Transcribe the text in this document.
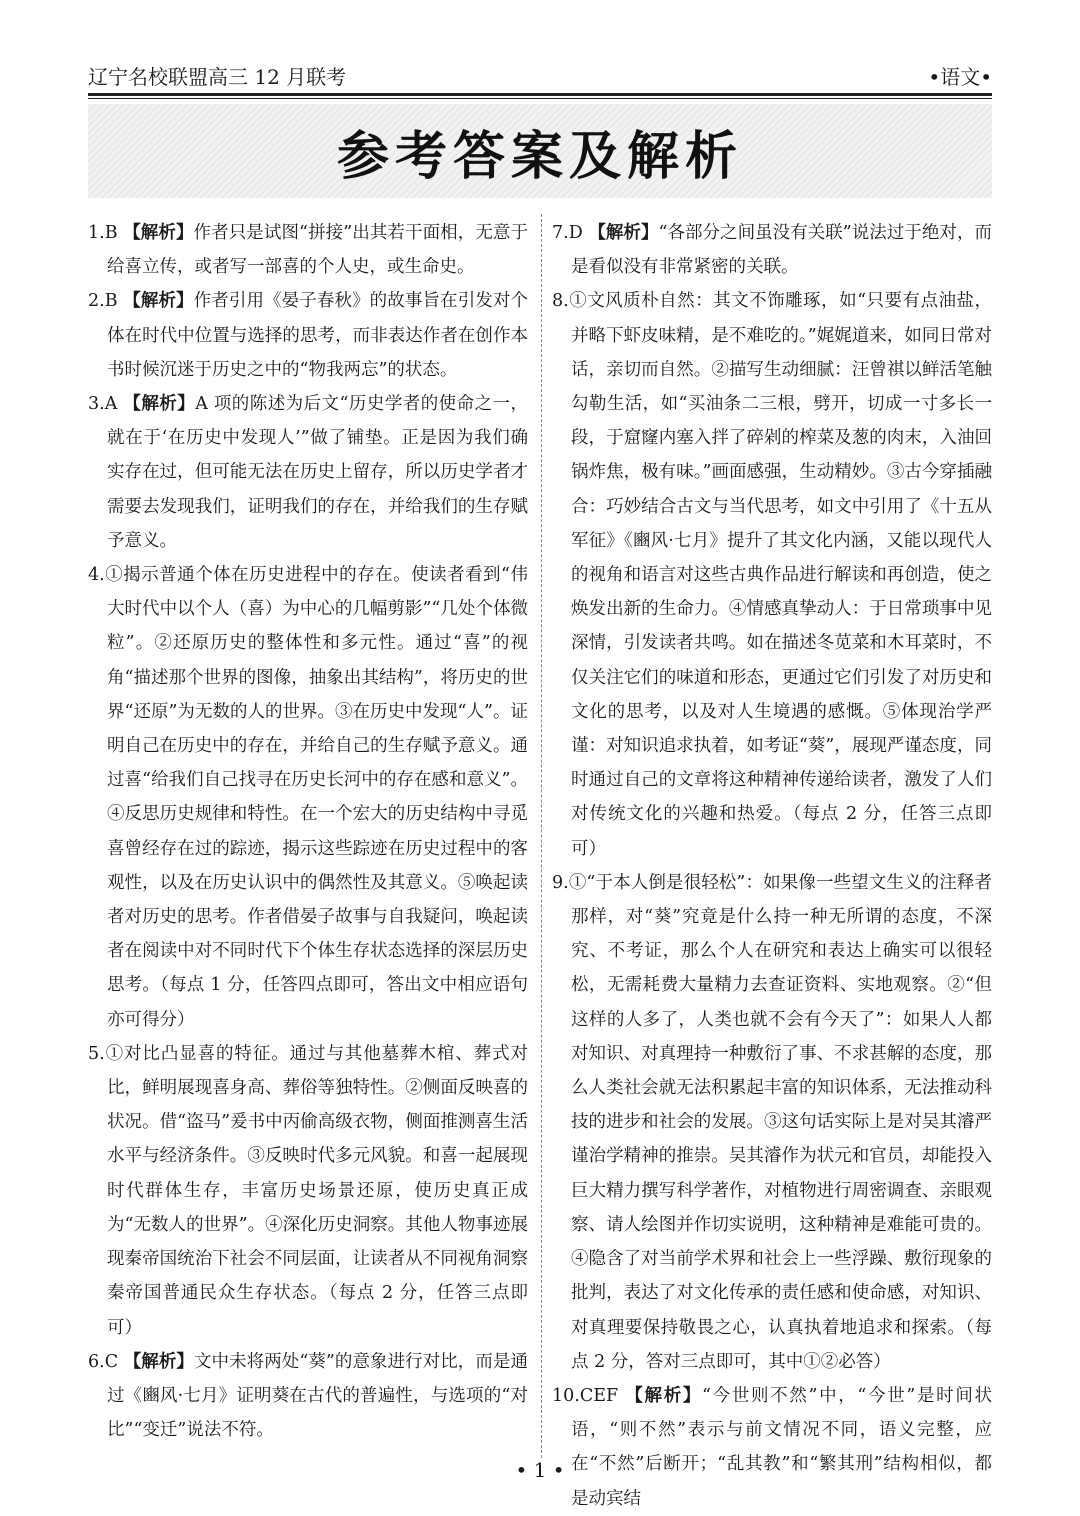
辽宁名校联盟高三 12 月联考	•语文•
参考答案及解析

1.B 【解析】作者只是试图“拼接”出其若干面相，无意于给喜立传，或者写一部喜的个人史，或生命史。

2.B 【解析】作者引用《晏子春秋》的故事旨在引发对个体在时代中位置与选择的思考，而非表达作者在创作本书时候沉迷于历史之中的“物我两忘”的状态。

3.A 【解析】A 项的陈述为后文“历史学者的使命之一，就在于‘在历史中发现人’”做了铺垫。正是因为我们确实存在过，但可能无法在历史上留存，所以历史学者才需要去发现我们，证明我们的存在，并给我们的生存赋予意义。

4.①揭示普通个体在历史进程中的存在。使读者看到“伟大时代中以个人（喜）为中心的几幅剪影”“几处个体微粒”。②还原历史的整体性和多元性。通过“喜”的视角“描述那个世界的图像，抽象出其结构”，将历史的世界“还原”为无数的人的世界。③在历史中发现“人”。证明自己在历史中的存在，并给自己的生存赋予意义。通过喜“给我们自己找寻在历史长河中的存在感和意义”。④反思历史规律和特性。在一个宏大的历史结构中寻觅喜曾经存在过的踪迹，揭示这些踪迹在历史过程中的客观性，以及在历史认识中的偶然性及其意义。⑤唤起读者对历史的思考。作者借晏子故事与自我疑问，唤起读者在阅读中对不同时代下个体生存状态选择的深层历史思考。（每点 1 分，任答四点即可，答出文中相应语句亦可得分）

5.①对比凸显喜的特征。通过与其他墓葬木棺、葬式对比，鲜明展现喜身高、葬俗等独特性。②侧面反映喜的状况。借“盗马”爰书中丙偷高级衣物，侧面推测喜生活水平与经济条件。③反映时代多元风貌。和喜一起展现时代群体生存，丰富历史场景还原，使历史真正成为“无数人的世界”。④深化历史洞察。其他人物事迹展现秦帝国统治下社会不同层面，让读者从不同视角洞察秦帝国普通民众生存状态。（每点 2 分，任答三点即可）

6.C 【解析】文中未将两处“葵”的意象进行对比，而是通过《豳风·七月》证明葵在古代的普遍性，与选项的“对比”“变迁”说法不符。

7.D 【解析】“各部分之间虽没有关联”说法过于绝对，而是看似没有非常紧密的关联。

8.①文风质朴自然：其文不饰雕琢，如“只要有点油盐，并略下虾皮味精，是不难吃的。”娓娓道来，如同日常对话，亲切而自然。②描写生动细腻：汪曾祺以鲜活笔触勾勒生活，如“买油条二三根，劈开，切成一寸多长一段，于窟窿内塞入拌了碎剁的榨菜及葱的肉末，入油回锅炸焦，极有味。”画面感强，生动精妙。③古今穿插融合：巧妙结合古文与当代思考，如文中引用了《十五从军征》《豳风·七月》提升了其文化内涵，又能以现代人的视角和语言对这些古典作品进行解读和再创造，使之焕发出新的生命力。④情感真挚动人：于日常琐事中见深情，引发读者共鸣。如在描述冬苋菜和木耳菜时，不仅关注它们的味道和形态，更通过它们引发了对历史和文化的思考，以及对人生境遇的感慨。⑤体现治学严谨：对知识追求执着，如考证“葵”，展现严谨态度，同时通过自己的文章将这种精神传递给读者，激发了人们对传统文化的兴趣和热爱。（每点 2 分，任答三点即可）

9.①“于本人倒是很轻松”：如果像一些望文生义的注释者那样，对“葵”究竟是什么持一种无所谓的态度，不深究、不考证，那么个人在研究和表达上确实可以很轻松，无需耗费大量精力去查证资料、实地观察。②“但这样的人多了，人类也就不会有今天了”：如果人人都对知识、对真理持一种敷衍了事、不求甚解的态度，那么人类社会就无法积累起丰富的知识体系，无法推动科技的进步和社会的发展。③这句话实际上是对吴其濬严谨治学精神的推崇。吴其濬作为状元和官员，却能投入巨大精力撰写科学著作，对植物进行周密调查、亲眼观察、请人绘图并作切实说明，这种精神是难能可贵的。④隐含了对当前学术界和社会上一些浮躁、敷衍现象的批判，表达了对文化传承的责任感和使命感，对知识、对真理要保持敬畏之心，认真执着地追求和探索。（每点 2 分，答对三点即可，其中①②必答）

10.CEF 【解析】“今世则不然”中，“今世”是时间状语，“则不然”表示与前文情况不同，语义完整，应在“不然”后断开；“乱其教”和“繁其刑”结构相似，都是动宾结

• 1 •
